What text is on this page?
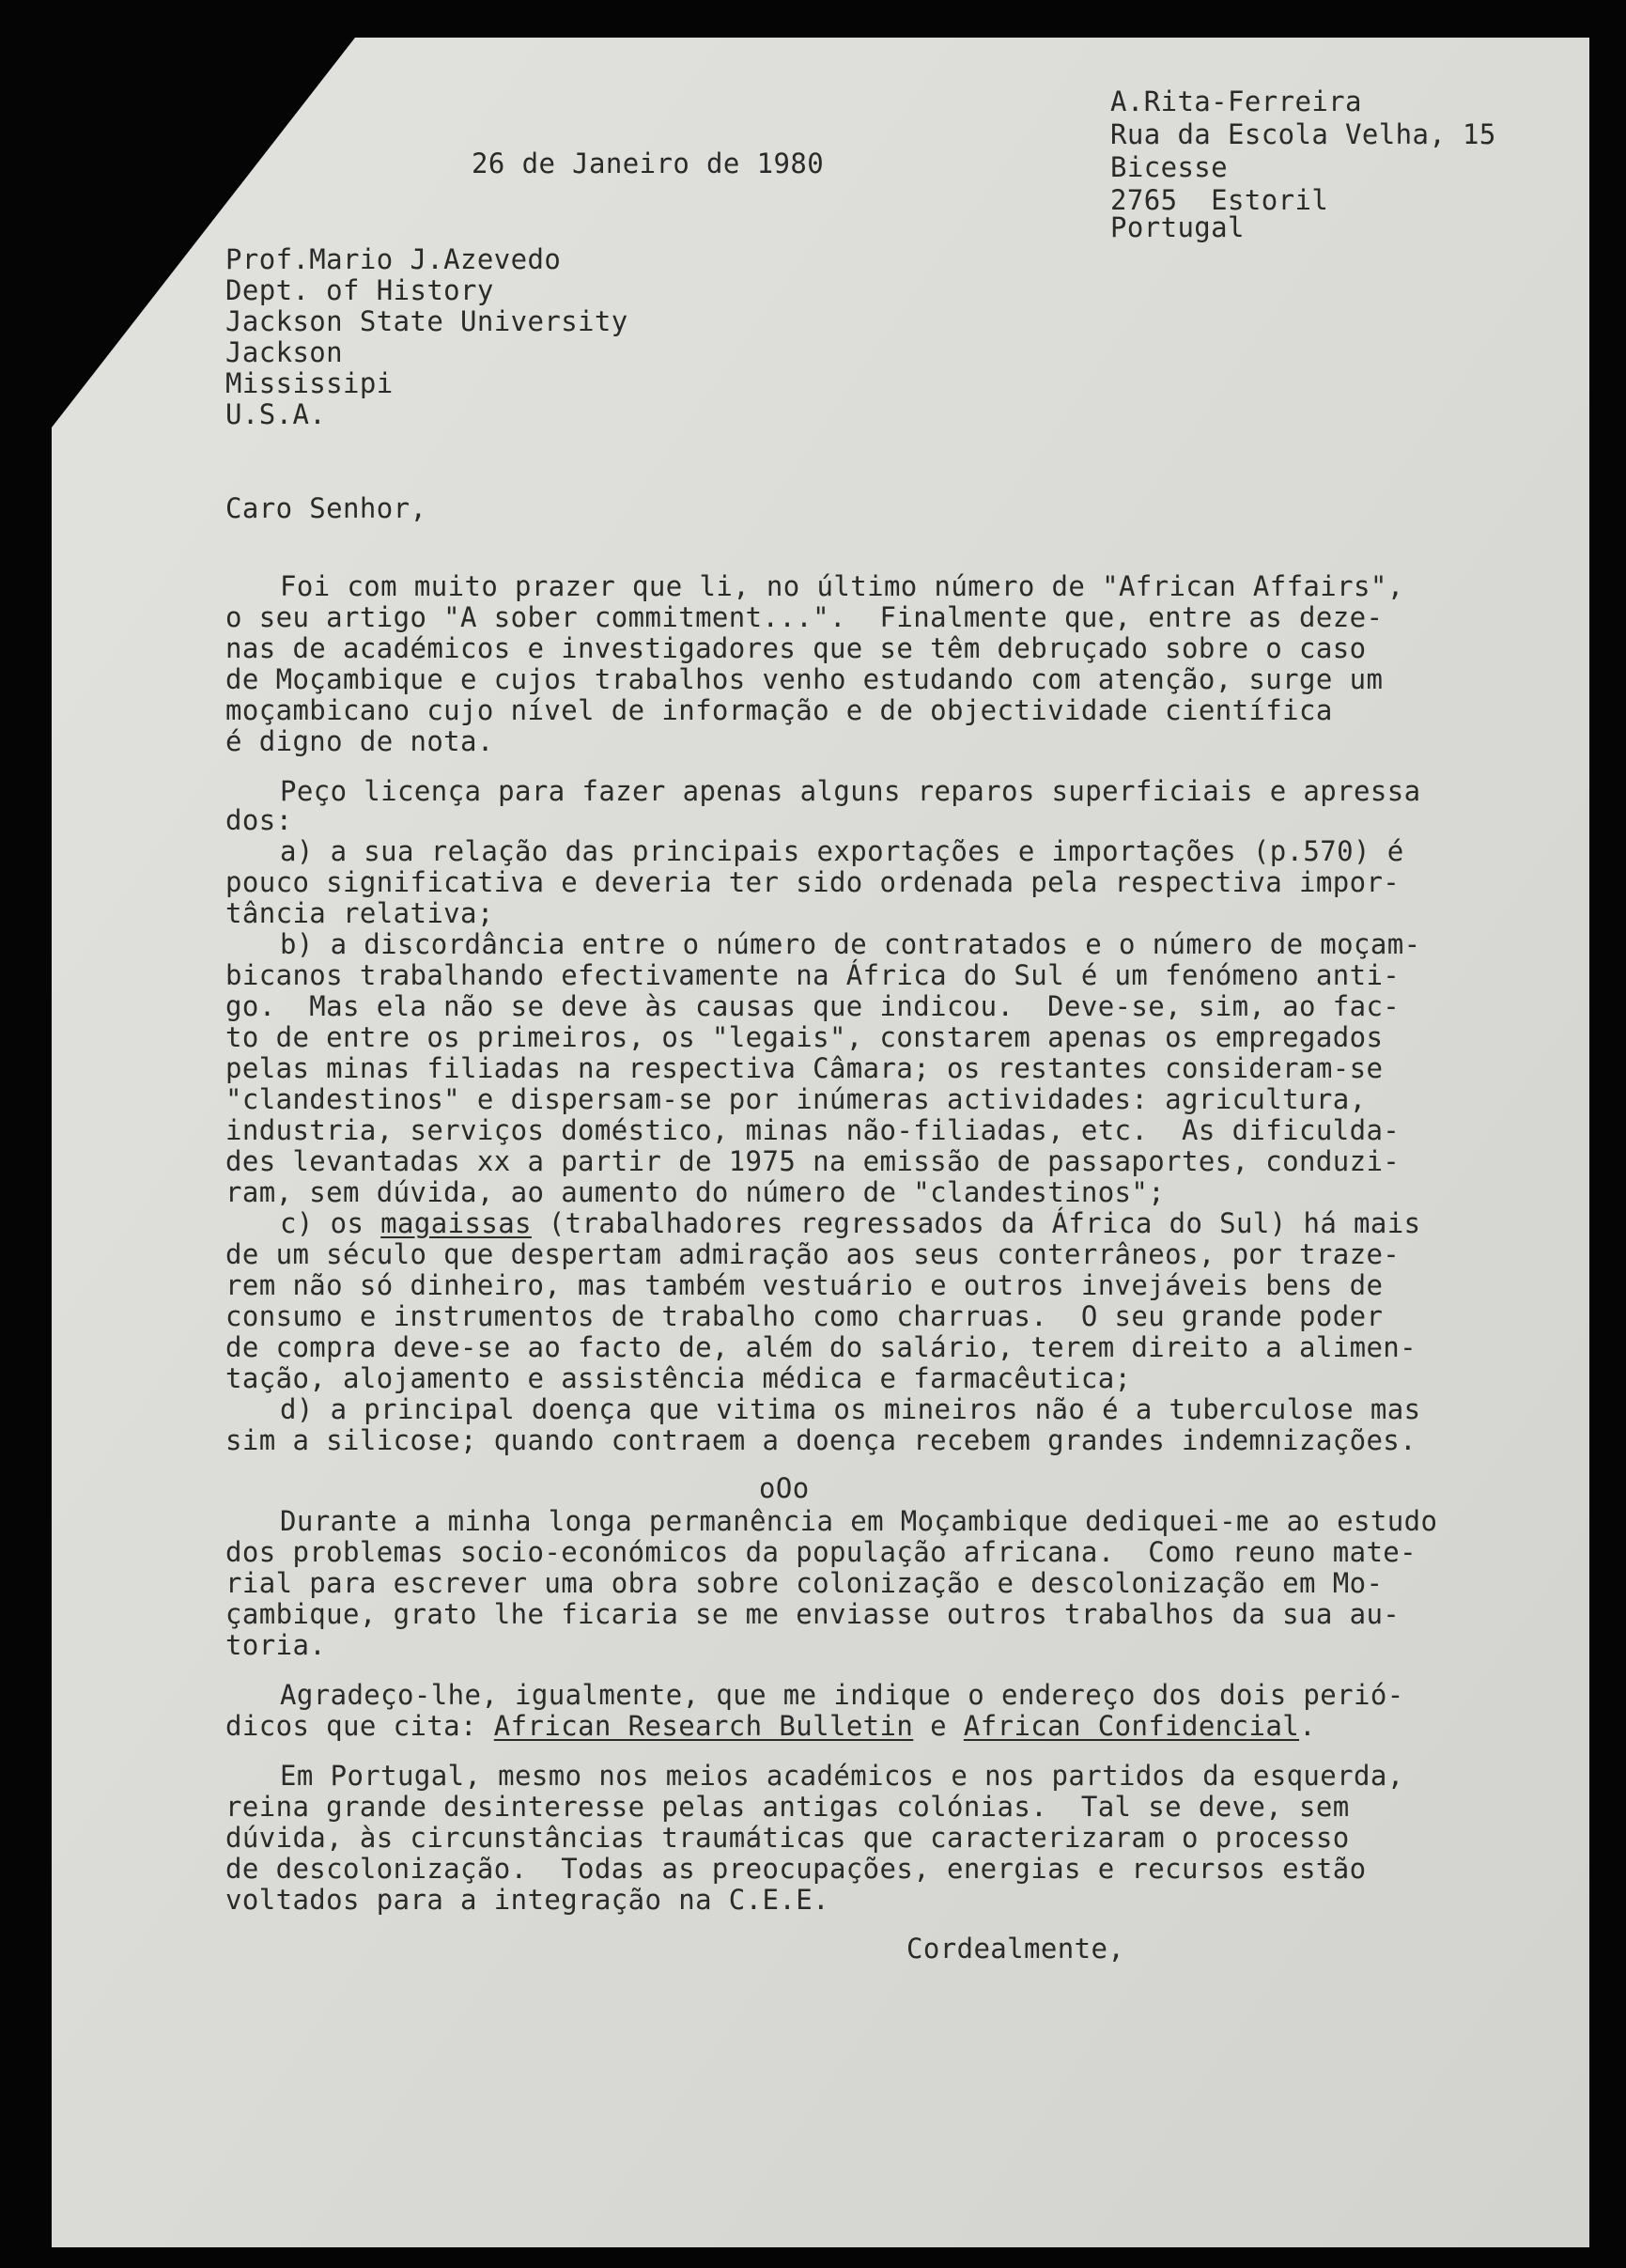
A.Rita-Ferreira
Rua da Escola Velha, 15
Bicesse
2765  Estoril
Portugal
26 de Janeiro de 1980
Prof.Mario J.Azevedo
Dept. of History
Jackson State University
Jackson
Mississipi
U.S.A.
Caro Senhor,
Foi com muito prazer que li, no último número de "African Affairs",
o seu artigo "A sober commitment...".  Finalmente que, entre as deze-
nas de académicos e investigadores que se têm debruçado sobre o caso
de Moçambique e cujos trabalhos venho estudando com atenção, surge um
moçambicano cujo nível de informação e de objectividade científica
é digno de nota.
Peço licença para fazer apenas alguns reparos superficiais e apressa
dos:
a) a sua relação das principais exportações e importações (p.570) é
pouco significativa e deveria ter sido ordenada pela respectiva impor-
tância relativa;
b) a discordância entre o número de contratados e o número de moçam-
bicanos trabalhando efectivamente na África do Sul é um fenómeno anti-
go.  Mas ela não se deve às causas que indicou.  Deve-se, sim, ao fac-
to de entre os primeiros, os "legais", constarem apenas os empregados
pelas minas filiadas na respectiva Câmara; os restantes consideram-se
"clandestinos" e dispersam-se por inúmeras actividades: agricultura,
industria, serviços doméstico, minas não-filiadas, etc.  As dificulda-
des levantadas xx a partir de 1975 na emissão de passaportes, conduzi-
ram, sem dúvida, ao aumento do número de "clandestinos";
c) os magaissas (trabalhadores regressados da África do Sul) há mais
de um século que despertam admiração aos seus conterrâneos, por traze-
rem não só dinheiro, mas também vestuário e outros invejáveis bens de
consumo e instrumentos de trabalho como charruas.  O seu grande poder
de compra deve-se ao facto de, além do salário, terem direito a alimen-
tação, alojamento e assistência médica e farmacêutica;
d) a principal doença que vitima os mineiros não é a tuberculose mas
sim a silicose; quando contraem a doença recebem grandes indemnizações.
oOo
Durante a minha longa permanência em Moçambique dediquei-me ao estudo
dos problemas socio-económicos da população africana.  Como reuno mate-
rial para escrever uma obra sobre colonização e descolonização em Mo-
çambique, grato lhe ficaria se me enviasse outros trabalhos da sua au-
toria.
Agradeço-lhe, igualmente, que me indique o endereço dos dois perió-
dicos que cita: African Research Bulletin e African Confidencial.
Em Portugal, mesmo nos meios académicos e nos partidos da esquerda,
reina grande desinteresse pelas antigas colónias.  Tal se deve, sem
dúvida, às circunstâncias traumáticas que caracterizaram o processo
de descolonização.  Todas as preocupações, energias e recursos estão
voltados para a integração na C.E.E.
Cordealmente,
